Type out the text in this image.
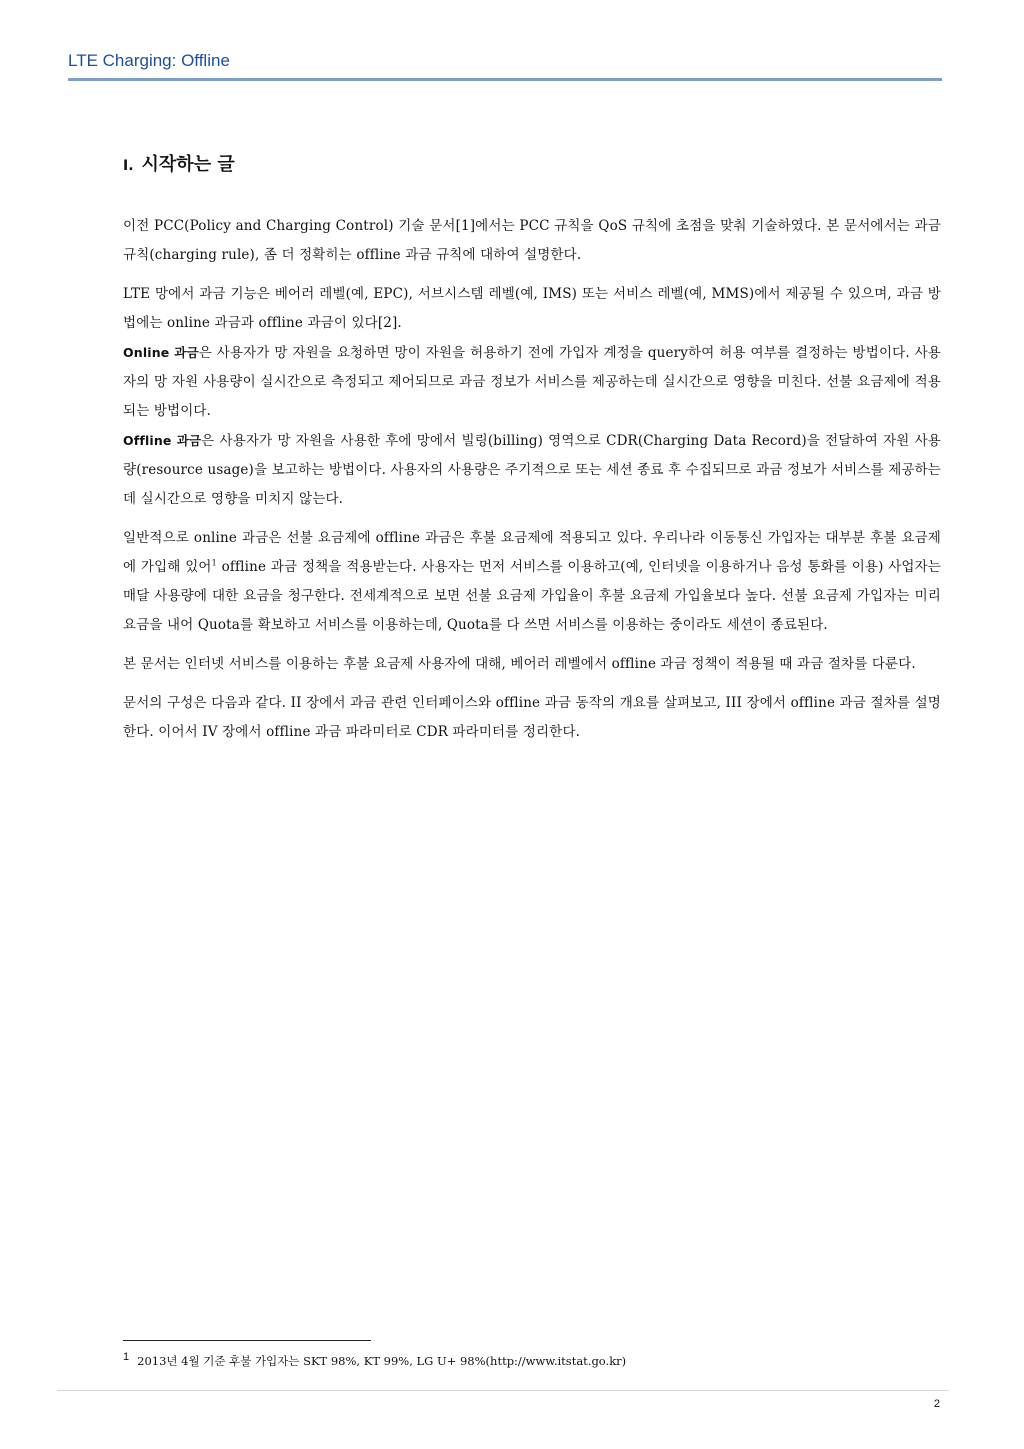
LTE Charging: Offline
I. 시작하는 글

이전 PCC(Policy and Charging Control) 기술 문서[1]에서는 PCC 규칙을 QoS 규칙에 초점을 맞춰 기술하였다. 본 문서에서는 과금 규칙(charging rule), 좀 더 정확히는 offline 과금 규칙에 대하여 설명한다.

LTE 망에서 과금 기능은 베어러 레벨(예, EPC), 서브시스템 레벨(예, IMS) 또는 서비스 레벨(예, MMS)에서 제공될 수 있으며, 과금 방법에는 online 과금과 offline 과금이 있다[2].

Online 과금은 사용자가 망 자원을 요청하면 망이 자원을 허용하기 전에 가입자 계정을 query하여 허용 여부를 결정하는 방법이다. 사용자의 망 자원 사용량이 실시간으로 측정되고 제어되므로 과금 정보가 서비스를 제공하는데 실시간으로 영향을 미친다. 선불 요금제에 적용되는 방법이다.

Offline 과금은 사용자가 망 자원을 사용한 후에 망에서 빌링(billing) 영역으로 CDR(Charging Data Record)을 전달하여 자원 사용량(resource usage)을 보고하는 방법이다. 사용자의 사용량은 주기적으로 또는 세션 종료 후 수집되므로 과금 정보가 서비스를 제공하는데 실시간으로 영향을 미치지 않는다.

일반적으로 online 과금은 선불 요금제에 offline 과금은 후불 요금제에 적용되고 있다. 우리나라 이동통신 가입자는 대부분 후불 요금제에 가입해 있어$^1$ offline 과금 정책을 적용받는다. 사용자는 먼저 서비스를 이용하고(예, 인터넷을 이용하거나 음성 통화를 이용) 사업자는 매달 사용량에 대한 요금을 청구한다. 전세계적으로 보면 선불 요금제 가입율이 후불 요금제 가입율보다 높다. 선불 요금제 가입자는 미리 요금을 내어 Quota를 확보하고 서비스를 이용하는데, Quota를 다 쓰면 서비스를 이용하는 중이라도 세션이 종료된다.

본 문서는 인터넷 서비스를 이용하는 후불 요금제 사용자에 대해, 베어러 레벨에서 offline 과금 정책이 적용될 때 과금 절차를 다룬다.

문서의 구성은 다음과 같다. II 장에서 과금 관련 인터페이스와 offline 과금 동작의 개요를 살펴보고, III 장에서 offline 과금 절차를 설명한다. 이어서 IV 장에서 offline 과금 파라미터로 CDR 파라미터를 정리한다.

1 2013년 4월 기준 후불 가입자는 SKT 98%, KT 99%, LG U+ 98%(http://www.itstat.go.kr)
2
